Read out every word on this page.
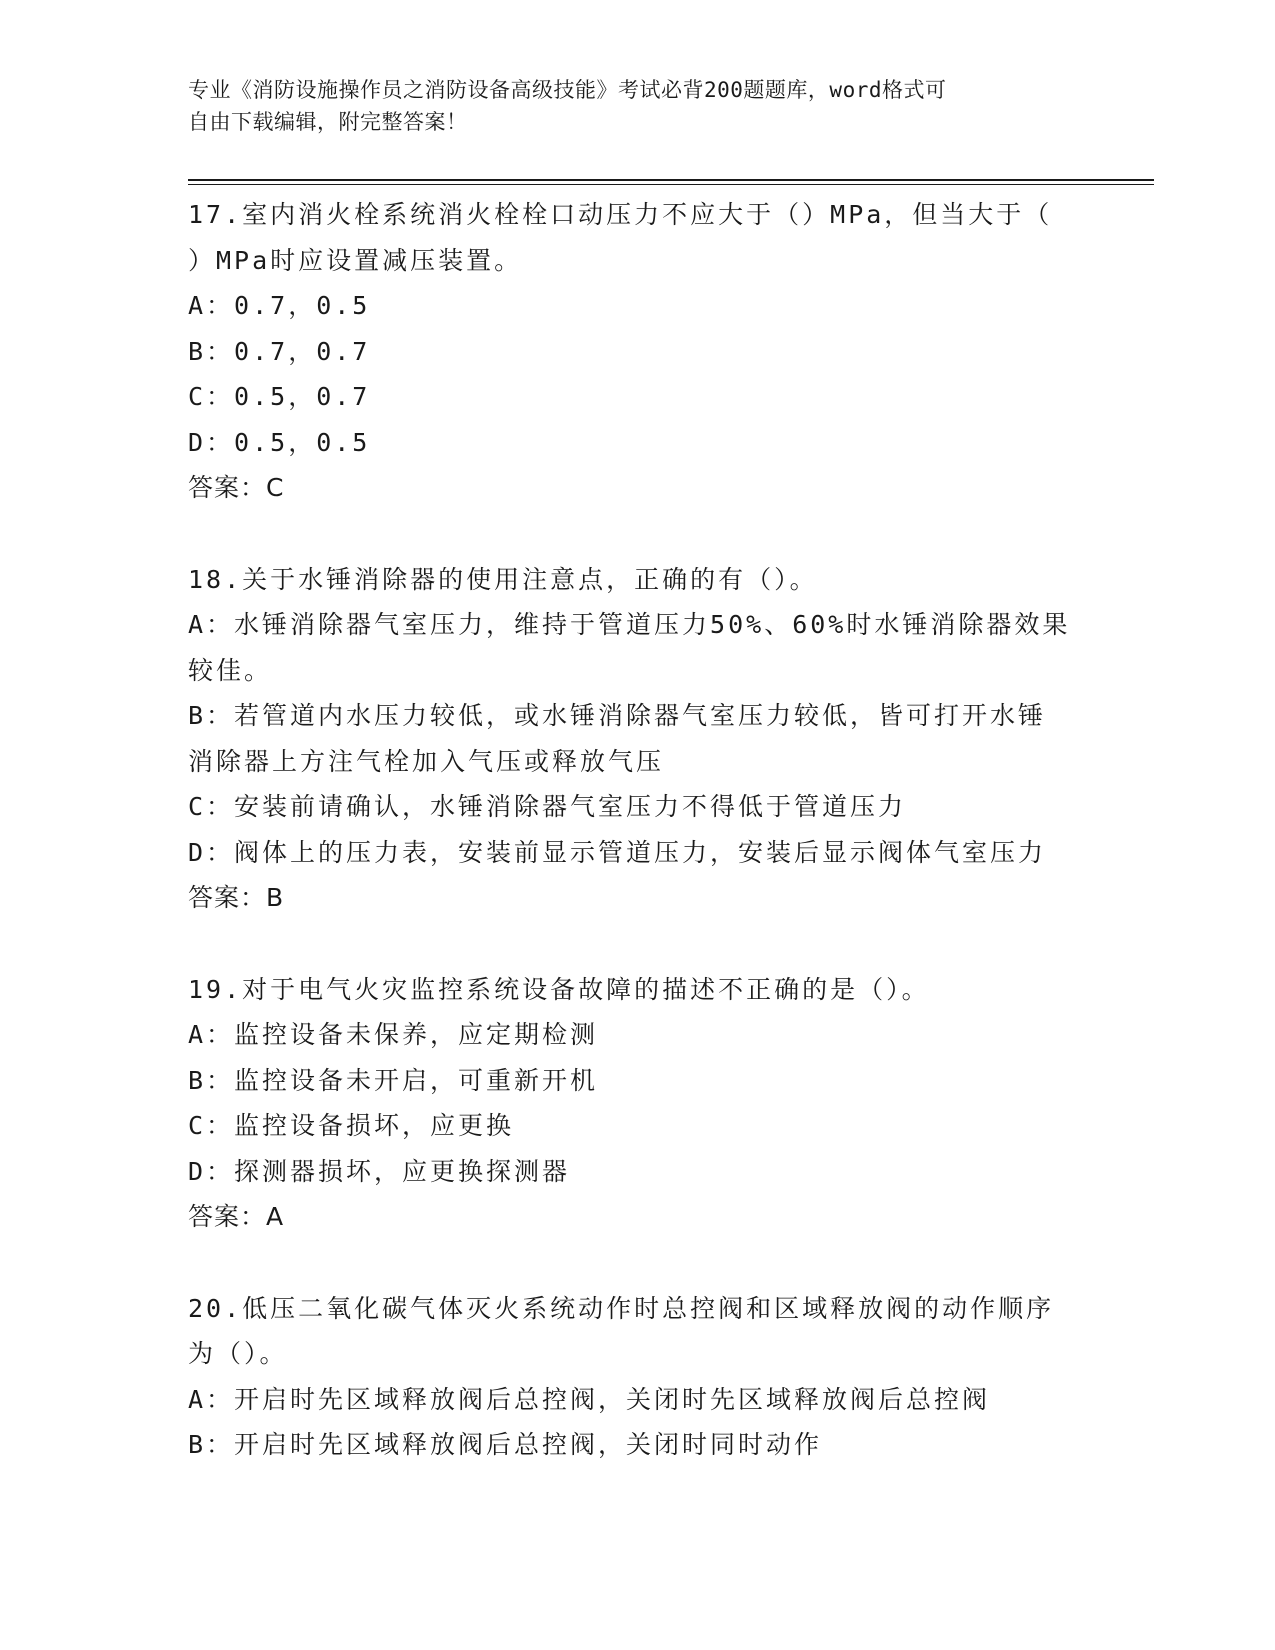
专业《消防设施操作员之消防设备高级技能》考试必背200题题库，word格式可
自由下载编辑，附完整答案！
17.室内消火栓系统消火栓栓口动压力不应大于（）MPa，但当大于（
）MPa时应设置减压装置。
A：0.7，0.5
B：0.7，0.7
C：0.5，0.7
D：0.5，0.5
答案：C
18.关于水锤消除器的使用注意点，正确的有（）。
A：水锤消除器气室压力，维持于管道压力50%、60%时水锤消除器效果
较佳。
B：若管道内水压力较低，或水锤消除器气室压力较低，皆可打开水锤
消除器上方注气栓加入气压或释放气压
C：安装前请确认，水锤消除器气室压力不得低于管道压力
D：阀体上的压力表，安装前显示管道压力，安装后显示阀体气室压力
答案：B
19.对于电气火灾监控系统设备故障的描述不正确的是（）。
A：监控设备未保养，应定期检测
B：监控设备未开启，可重新开机
C：监控设备损坏，应更换
D：探测器损坏，应更换探测器
答案：A
20.低压二氧化碳气体灭火系统动作时总控阀和区域释放阀的动作顺序
为（）。
A：开启时先区域释放阀后总控阀，关闭时先区域释放阀后总控阀
B：开启时先区域释放阀后总控阀，关闭时同时动作
